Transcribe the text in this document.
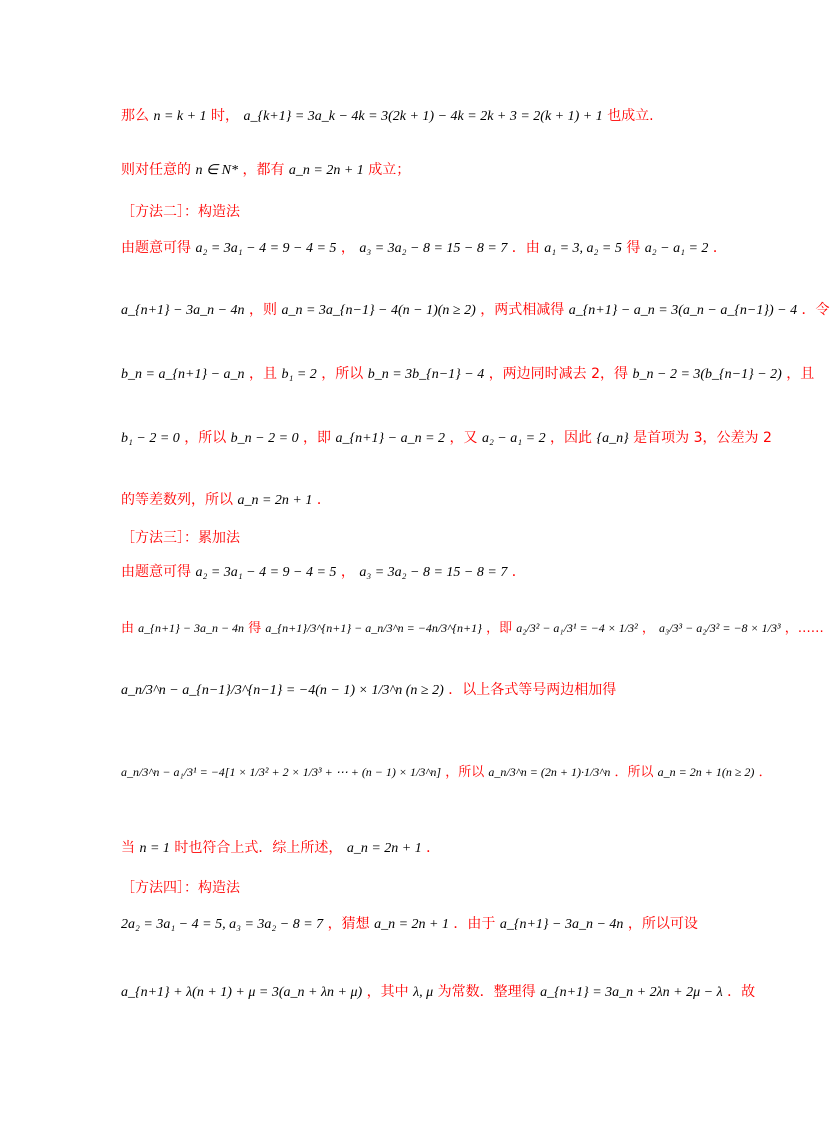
那么 n = k + 1 时， a_{k+1} = 3a_k − 4k = 3(2k + 1) − 4k = 2k + 3 = 2(k + 1) + 1 也成立.
则对任意的 n ∈ N* ，都有 a_n = 2n + 1 成立；
［方法二］：构造法
由题意可得 a₂ = 3a₁ − 4 = 9 − 4 = 5 ， a₃ = 3a₂ − 8 = 15 − 8 = 7 ．由 a₁ = 3, a₂ = 5 得 a₂ − a₁ = 2 ．
a_{n+1} − 3a_n − 4n ，则 a_n = 3a_{n−1} − 4(n − 1)(n ≥ 2) ，两式相减得 a_{n+1} − a_n = 3(a_n − a_{n−1}) − 4 ．令
b_n = a_{n+1} − a_n ，且 b₁ = 2 ，所以 b_n = 3b_{n−1} − 4 ，两边同时减去 2，得 b_n − 2 = 3(b_{n−1} − 2) ，且
b₁ − 2 = 0 ，所以 b_n − 2 = 0 ，即 a_{n+1} − a_n = 2 ，又 a₂ − a₁ = 2 ，因此 {a_n} 是首项为 3，公差为 2
的等差数列，所以 a_n = 2n + 1 ．
［方法三］：累加法
由题意可得 a₂ = 3a₁ − 4 = 9 − 4 = 5 ， a₃ = 3a₂ − 8 = 15 − 8 = 7 ．
由 a_{n+1} − 3a_n − 4n 得 a_{n+1}/3^{n+1} − a_n/3^n = −4n/3^{n+1} ，即 a₂/3² − a₁/3¹ = −4 × 1/3² ， a₃/3³ − a₂/3² = −8 × 1/3³ ，……
a_n/3^n − a_{n−1}/3^{n−1} = −4(n − 1) × 1/3^n (n ≥ 2) ．以上各式等号两边相加得
a_n/3^n − a₁/3¹ = −4[1 × 1/3² + 2 × 1/3³ + ⋯ + (n − 1) × 1/3^n] ，所以 a_n/3^n = (2n + 1)·1/3^n ．所以 a_n = 2n + 1(n ≥ 2) ．
当 n = 1 时也符合上式．综上所述， a_n = 2n + 1 ．
［方法四］：构造法
2a₂ = 3a₁ − 4 = 5, a₃ = 3a₂ − 8 = 7 ，猜想 a_n = 2n + 1 ．由于 a_{n+1} − 3a_n − 4n ，所以可设
a_{n+1} + λ(n + 1) + μ = 3(a_n + λn + μ) ，其中 λ, μ 为常数．整理得 a_{n+1} = 3a_n + 2λn + 2μ − λ ．故
